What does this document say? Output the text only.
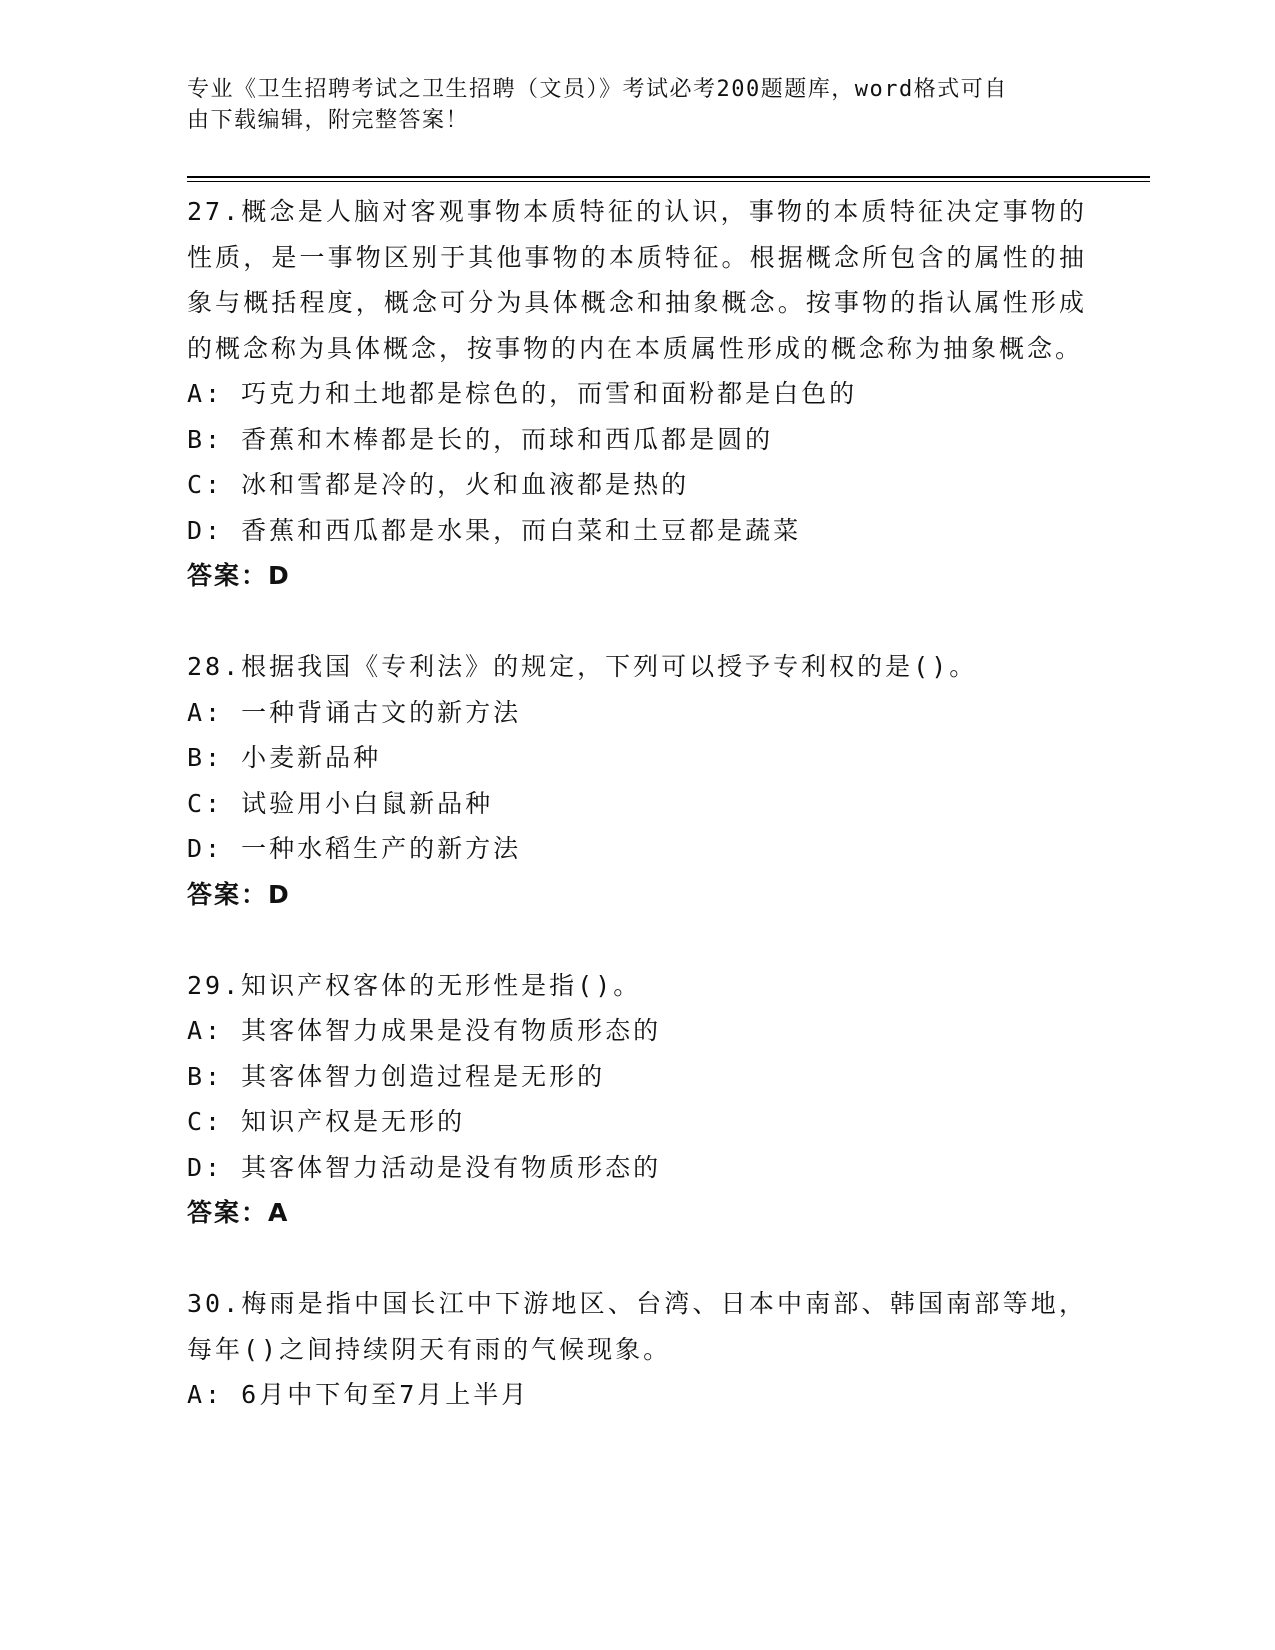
专业《卫生招聘考试之卫生招聘（文员）》考试必考200题题库，word格式可自
由下载编辑，附完整答案！

27.概念是人脑对客观事物本质特征的认识，事物的本质特征决定事物的性质，是一事物区别于其他事物的本质特征。根据概念所包含的属性的抽象与概括程度，概念可分为具体概念和抽象概念。按事物的指认属性形成的概念称为具体概念，按事物的内在本质属性形成的概念称为抽象概念。

A: 巧克力和土地都是棕色的，而雪和面粉都是白色的

B: 香蕉和木棒都是长的，而球和西瓜都是圆的

C: 冰和雪都是冷的，火和血液都是热的

D: 香蕉和西瓜都是水果，而白菜和土豆都是蔬菜

答案：D

28.根据我国《专利法》的规定，下列可以授予专利权的是()。

A: 一种背诵古文的新方法

B: 小麦新品种

C: 试验用小白鼠新品种

D: 一种水稻生产的新方法

答案：D

29.知识产权客体的无形性是指()。

A: 其客体智力成果是没有物质形态的

B: 其客体智力创造过程是无形的

C: 知识产权是无形的

D: 其客体智力活动是没有物质形态的

答案：A

30.梅雨是指中国长江中下游地区、台湾、日本中南部、韩国南部等地，每年()之间持续阴天有雨的气候现象。

A: 6月中下旬至7月上半月
